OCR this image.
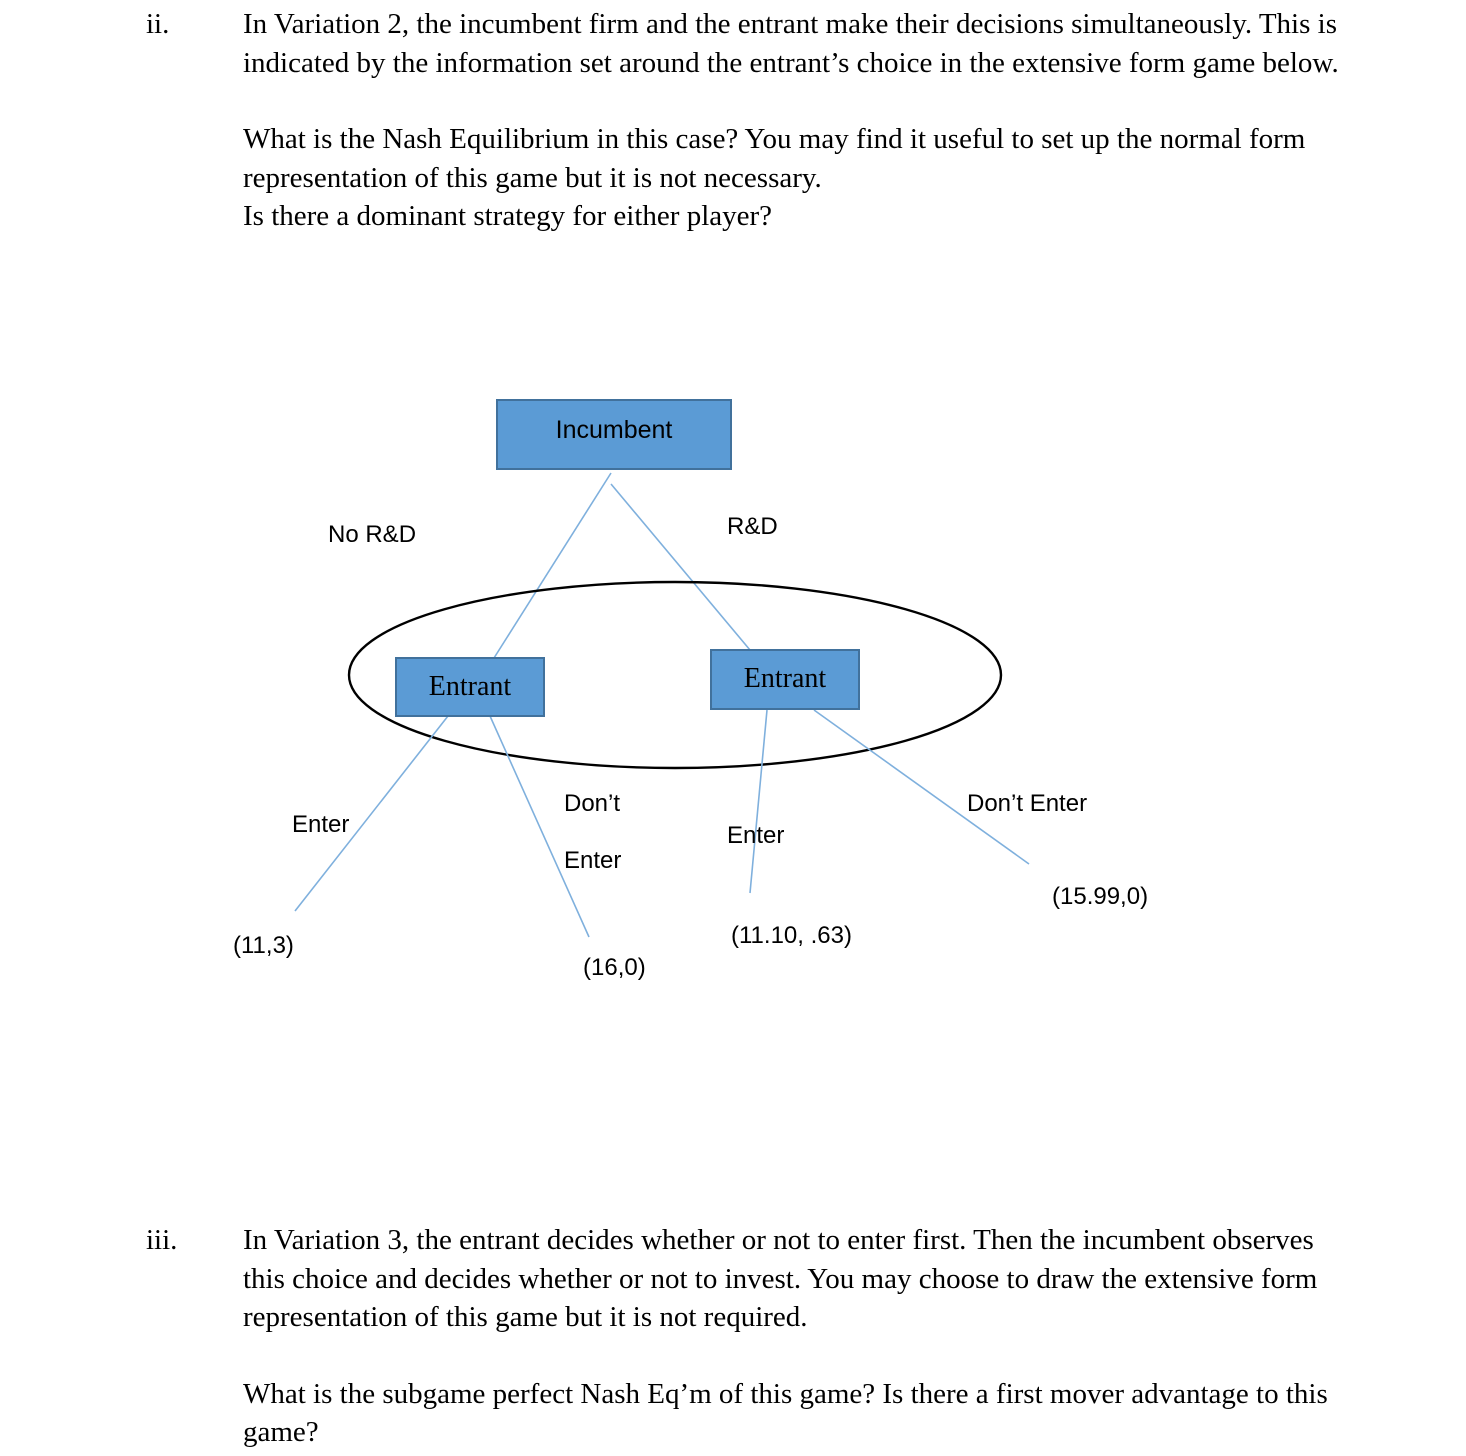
ii.	In Variation 2, the incumbent firm and the entrant make their decisions simultaneously. This is indicated by the information set around the entrant’s choice in the extensive form game below.

What is the Nash Equilibrium in this case? You may find it useful to set up the normal form representation of this game but it is not necessary.

Is there a dominant strategy for either player?

Incumbent
Entrant	Entrant
No R&D	R&D
Enter
Don’t
Enter
Enter
Don’t Enter
(11,3)
(16,0)
(11.10, .63)
(15.99,0)
iii. In Variation 3, the entrant decides whether or not to enter first. Then the incumbent observes this choice and decides whether or not to invest. You may choose to draw the extensive form representation of this game but it is not required.

What is the subgame perfect Nash Eq’m of this game? Is there a first mover advantage to this game?
